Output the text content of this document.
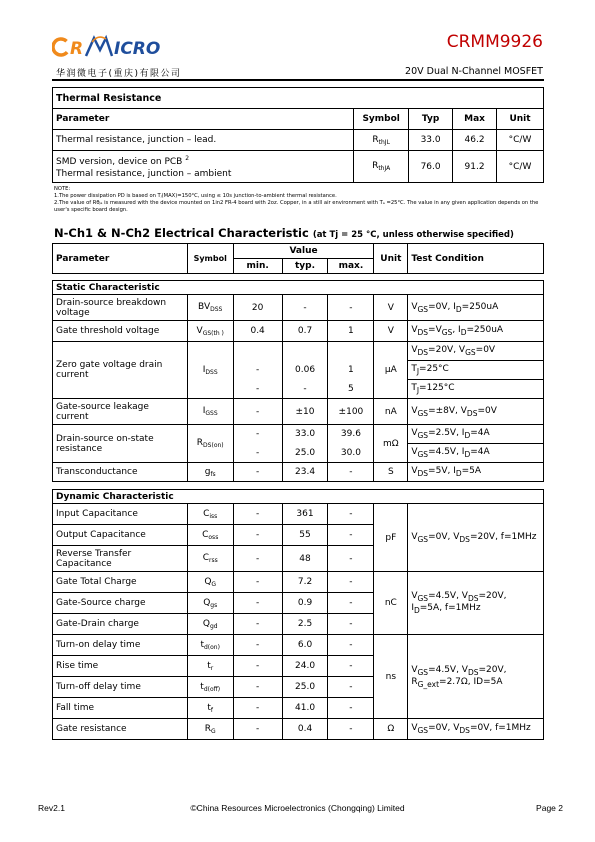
R ICRO
华润微电子(重庆)有限公司
CRMM9926
20V Dual N-Channel MOSFET
Thermal Resistance				
Parameter	Symbol	Typ	Max	Unit
Thermal resistance, junction – lead.	$R_{thJL}$	33.0	46.2	°C/W
SMD version, device on PCB $^2$
Thermal resistance, junction – ambient	$R_{thJA}$	76.0	91.2	°C/W
NOTE:
1.The power dissipation PD is based on Tⱼ(MAX)=150°C, using ≤ 10s junction-to-ambient thermal resistance.
2.The value of Rθⱼₐ is measured with the device mounted on 1in2 FR-4 board with 2oz. Copper, in a still air environment with Tₐ =25°C. The value in any given application depends on the user's specific board design.
N-Ch1 & N-Ch2 Electrical Characteristic (at Tj = 25 °C, unless otherwise specified)
Parameter	Symbol	Value			Unit	Test Condition
		min.	typ.	max.		

Static Characteristic						
Drain-source breakdown voltage	$BV_{DSS}$	20	-	-	V	$V_{GS}=0V$, $I_D=250uA$
Gate threshold voltage	$V_{GS(th )}$	0.4	0.7	1	V	$V_{DS}=V_{GS}$, $I_D=250uA$
Zero gate voltage drain current	$I_{DSS}$				μA	$V_{DS}=20V$, $V_{GS}=0V$
		-	0.06	1		$T_J=25^\circ C$
		-	-	5		$T_J=125^\circ C$
Gate-source leakage current	$I_{GSS}$	-	±10	±100	nA	$V_{GS}=\pm 8V$, $V_{DS}=0V$
Drain-source on-state resistance	$R_{DS(on)}$	-	33.0	39.6	mΩ	$V_{GS}=2.5V$, $I_D=4A$
		-	25.0	30.0		$V_{GS}=4.5V$, $I_D=4A$
Transconductance	$g_{fs}$	-	23.4	-	S	$V_{DS}=5V$, $I_D=5A$

Dynamic Characteristic						
Input Capacitance	$C_{iss}$	-	361	-	pF	$V_{GS}=0V$, $V_{DS}=20V$, f=1MHz
Output Capacitance	$C_{oss}$	-	55	-		
Reverse Transfer Capacitance	$C_{rss}$	-	48	-		
Gate Total Charge	$Q_G$	-	7.2	-	nC	$V_{GS}=4.5V$, $V_{DS}=20V$,
$I_D=5A$, f=1MHz
Gate-Source charge	$Q_{gs}$	-	0.9	-		
Gate-Drain charge	$Q_{gd}$	-	2.5	-		
Turn-on delay time	$t_{d(on)}$	-	6.0	-	ns	$V_{GS}=4.5V$, $V_{DS}=20V$,
$R_{G\_ext}=2.7\Omega$, ID=5A
Rise time	$t_r$	-	24.0	-		
Turn-off delay time	$t_{d(off)}$	-	25.0	-		
Fall time	$t_f$	-	41.0	-		
Gate resistance	$R_G$	-	0.4	-	Ω	$V_{GS}=0V$, $V_{DS}=0V$, f=1MHz
Rev2.1	©China Resources Microelectronics (Chongqing) Limited	Page 2
